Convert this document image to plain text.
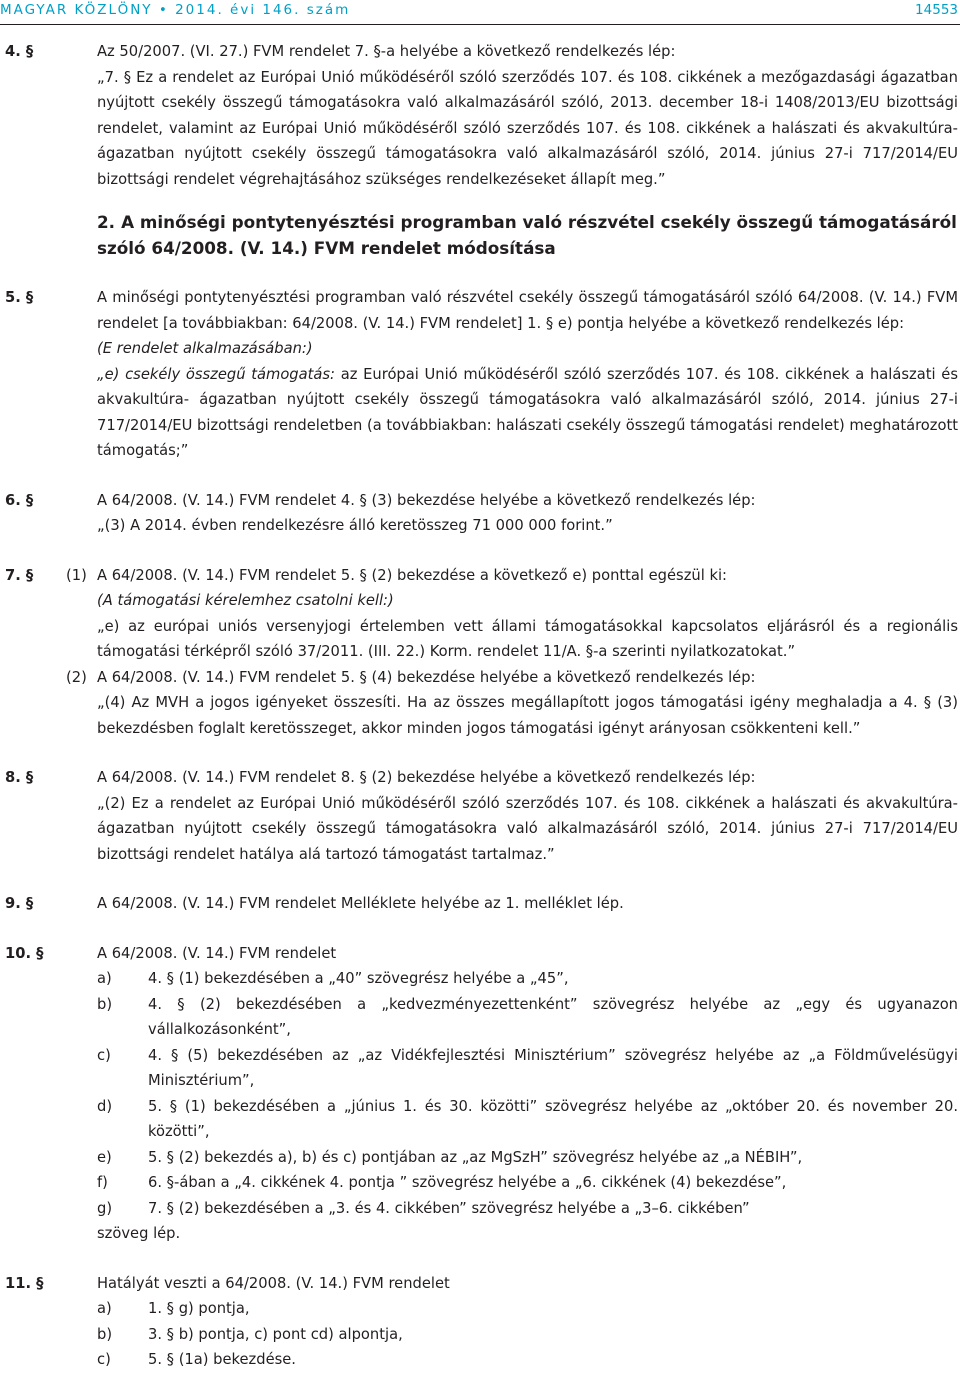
MAGYAR KÖZLÖNY • 2014. évi 146. szám	14553
4. §	Az 50/2007. (VI. 27.) FVM rendelet 7. §-a helyébe a következő rendelkezés lép:
„7. § Ez a rendelet az Európai Unió működéséről szóló szerződés 107. és 108. cikkének a mezőgazdasági ágazatban nyújtott csekély összegű támogatásokra való alkalmazásáról szóló, 2013. december 18-i 1408/2013/EU bizottsági rendelet, valamint az Európai Unió működéséről szóló szerződés 107. és 108. cikkének a halászati és akvakultúra-ágazatban nyújtott csekély összegű támogatásokra való alkalmazásáról szóló, 2014. június 27-i 717/2014/EU bizottsági rendelet végrehajtásához szükséges rendelkezéseket állapít meg.”
2. A minőségi pontytenyésztési programban való részvétel csekély összegű támogatásáról szóló 64/2008. (V. 14.) FVM rendelet módosítása
5. §	A minőségi pontytenyésztési programban való részvétel csekély összegű támogatásáról szóló 64/2008. (V. 14.) FVM rendelet [a továbbiakban: 64/2008. (V. 14.) FVM rendelet] 1. § e) pontja helyébe a következő rendelkezés lép:
(E rendelet alkalmazásában:)
„e) csekély összegű támogatás: az Európai Unió működéséről szóló szerződés 107. és 108. cikkének a halászati és akvakultúra- ágazatban nyújtott csekély összegű támogatásokra való alkalmazásáról szóló, 2014. június 27-i 717/2014/EU bizottsági rendeletben (a továbbiakban: halászati csekély összegű támogatási rendelet) meghatározott támogatás;”
6. §	A 64/2008. (V. 14.) FVM rendelet 4. § (3) bekezdése helyébe a következő rendelkezés lép:
„(3) A 2014. évben rendelkezésre álló keretösszeg 71 000 000 forint.”
7. § (1) A 64/2008. (V. 14.) FVM rendelet 5. § (2) bekezdése a következő e) ponttal egészül ki:
(A támogatási kérelemhez csatolni kell:)
„e) az európai uniós versenyjogi értelemben vett állami támogatásokkal kapcsolatos eljárásról és a regionális támogatási térképről szóló 37/2011. (III. 22.) Korm. rendelet 11/A. §-a szerinti nyilatkozatokat.”
(2) A 64/2008. (V. 14.) FVM rendelet 5. § (4) bekezdése helyébe a következő rendelkezés lép:
„(4) Az MVH a jogos igényeket összesíti. Ha az összes megállapított jogos támogatási igény meghaladja a 4. § (3) bekezdésben foglalt keretösszeget, akkor minden jogos támogatási igényt arányosan csökkenteni kell.”
8. §	A 64/2008. (V. 14.) FVM rendelet 8. § (2) bekezdése helyébe a következő rendelkezés lép:
„(2) Ez a rendelet az Európai Unió működéséről szóló szerződés 107. és 108. cikkének a halászati és akvakultúra-ágazatban nyújtott csekély összegű támogatásokra való alkalmazásáról szóló, 2014. június 27-i 717/2014/EU bizottsági rendelet hatálya alá tartozó támogatást tartalmaz.”
9. §	A 64/2008. (V. 14.) FVM rendelet Melléklete helyébe az 1. melléklet lép.
10. §	A 64/2008. (V. 14.) FVM rendelet
a) 4. § (1) bekezdésében a „40” szövegrész helyébe a „45”,
b) 4. § (2) bekezdésében a „kedvezményezettenként” szövegrész helyébe az „egy és ugyanazon vállalkozásonként”,
c)	4. § (5) bekezdésében az „az Vidékfejlesztési Minisztérium” szövegrész helyébe az „a Földművelésügyi Minisztérium”,
d) 5. § (1) bekezdésében a „június 1. és 30. közötti” szövegrész helyébe az „október 20. és november 20. közötti”,
e) 5. § (2) bekezdés a), b) és c) pontjában az „az MgSzH” szövegrész helyébe az „a NÉBIH”,
f)	6. §-ában a „4. cikkének 4. pontja ” szövegrész helyébe a „6. cikkének (4) bekezdése”,
g) 7. § (2) bekezdésében a „3. és 4. cikkében” szövegrész helyébe a „3–6. cikkében”
szöveg lép.
11. §	Hatályát veszti a 64/2008. (V. 14.) FVM rendelet
a) 1. § g) pontja,
b) 3. § b) pontja, c) pont cd) alpontja,
c)	5. § (1a) bekezdése.
